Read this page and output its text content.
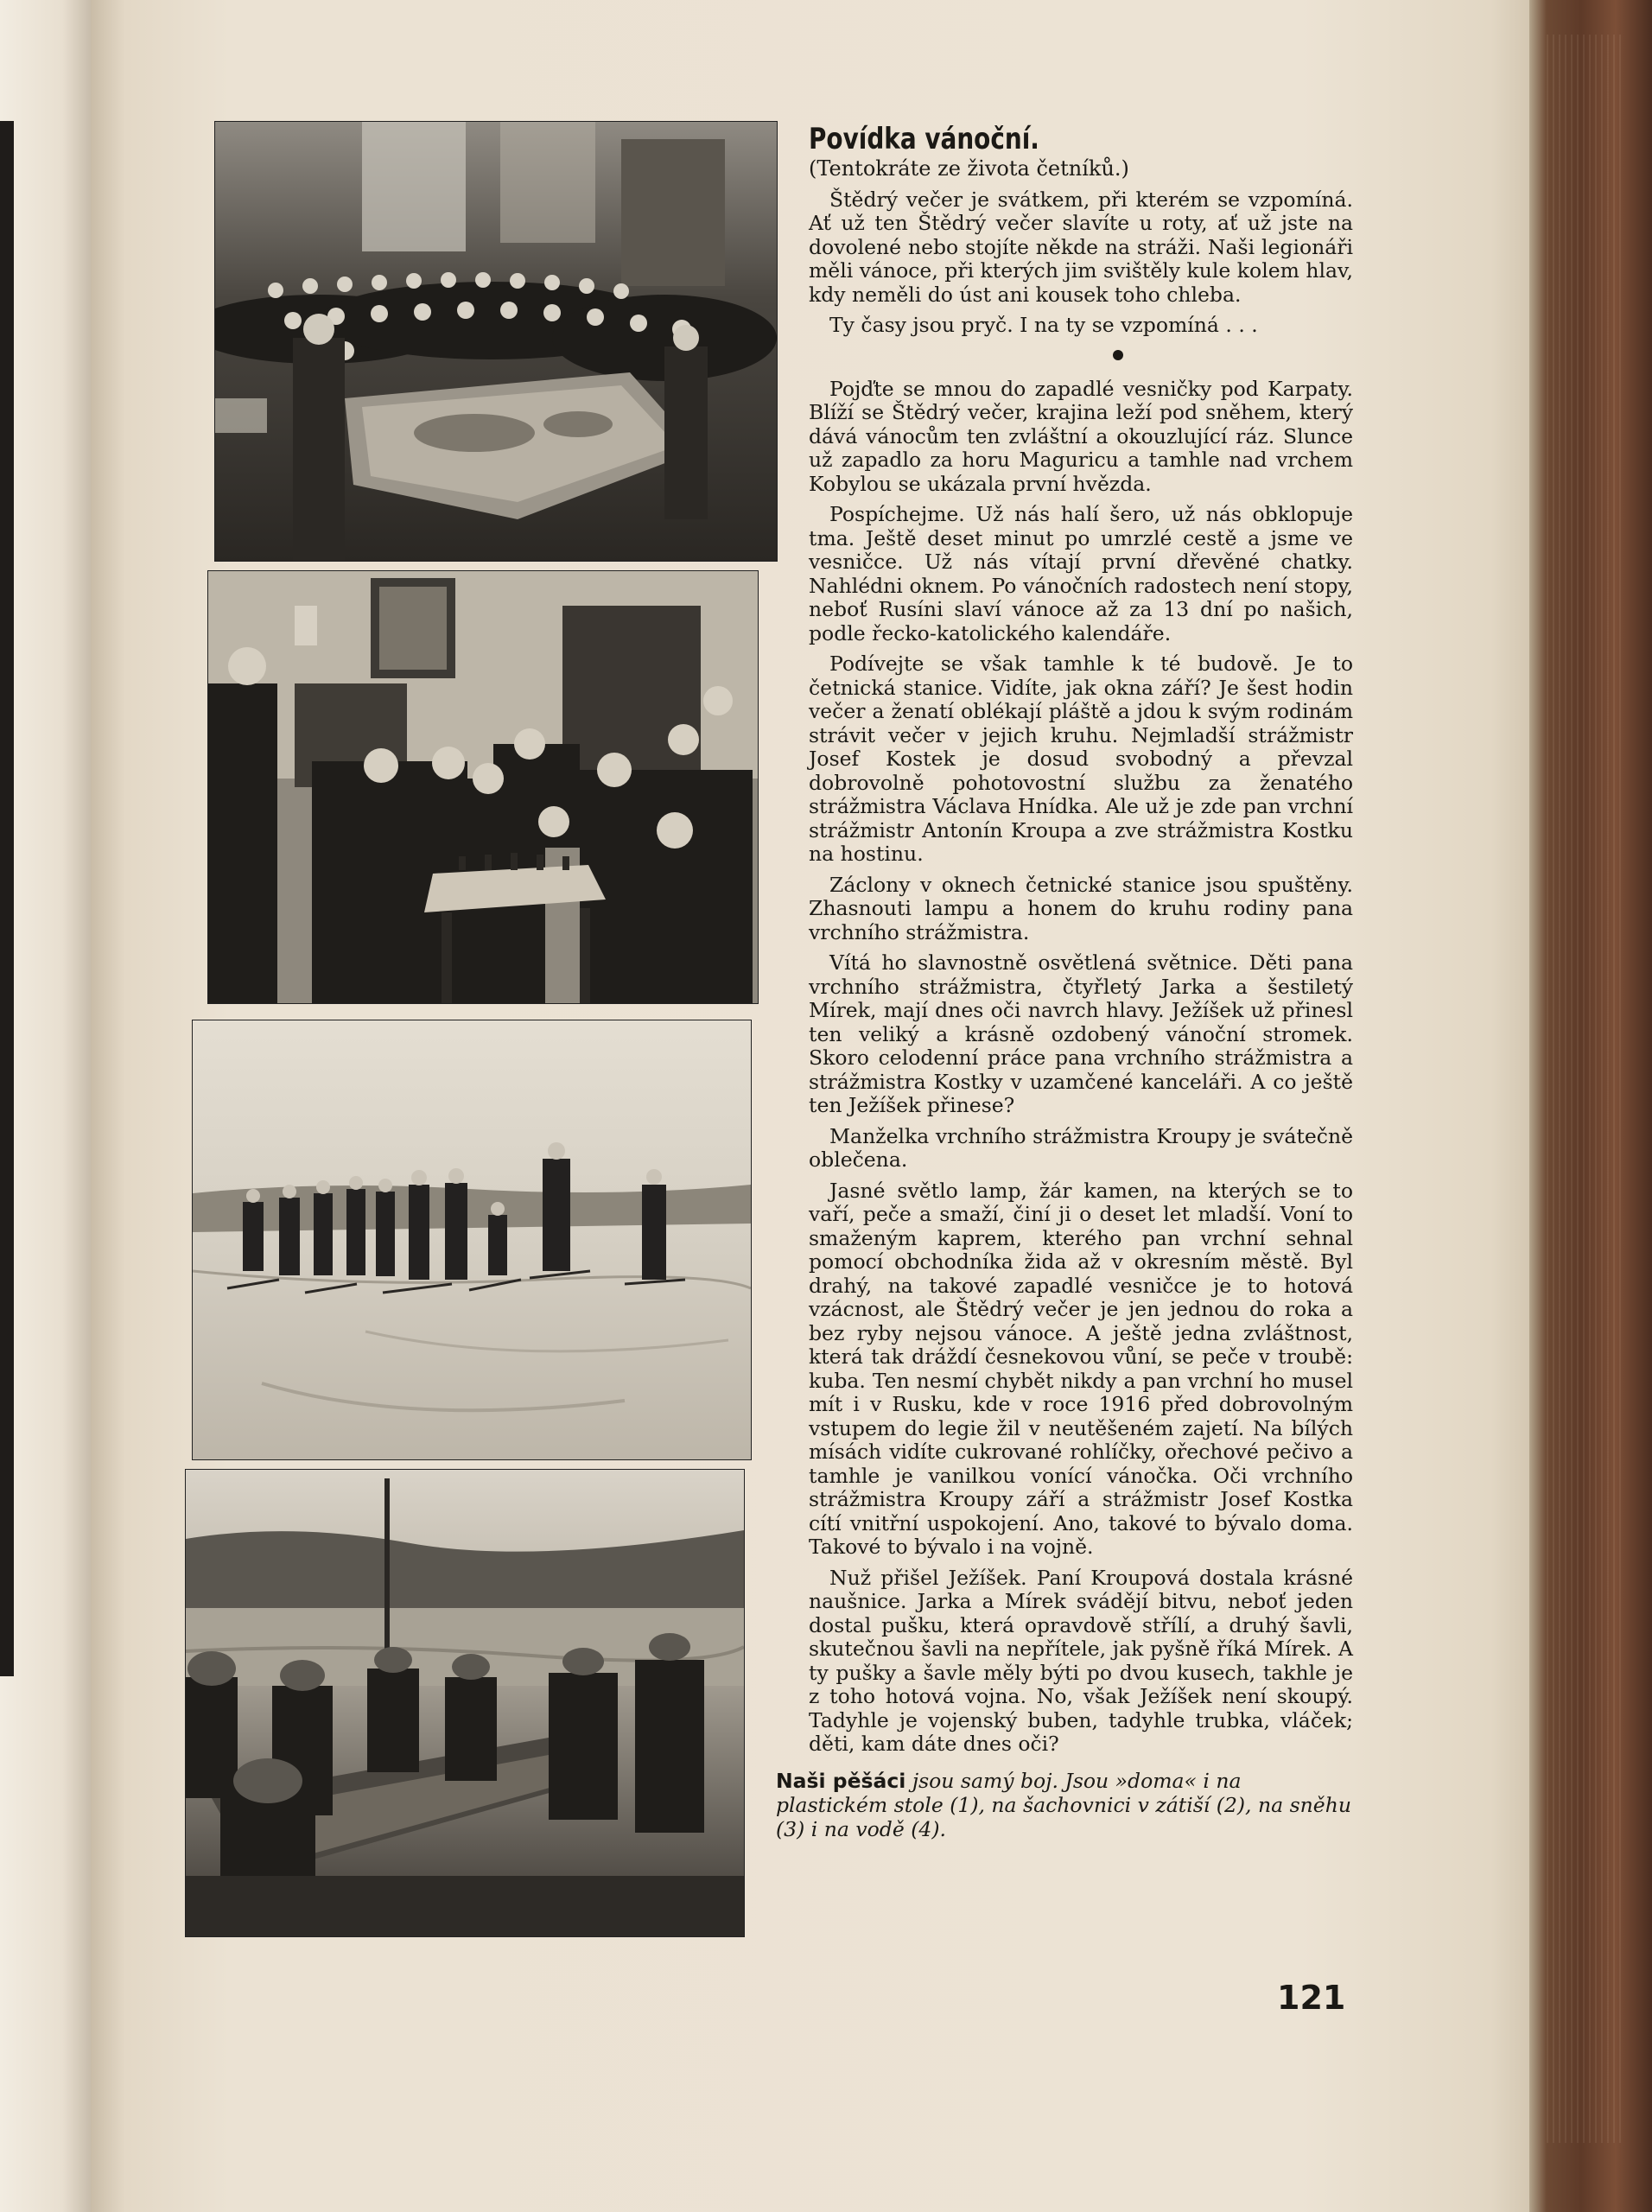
Povídka vánoční.
(Tentokráte ze života četníků.)

Štědrý večer je svátkem, při kterém se vzpomíná. Ať už ten Štědrý večer slavíte u roty, ať už jste na dovolené nebo stojíte někde na stráži. Naši legionáři měli vánoce, při kterých jim svištěly kule kolem hlav, kdy neměli do úst ani kousek toho chleba.

Ty časy jsou pryč. I na ty se vzpomíná . . .

Pojďte se mnou do zapadlé vesničky pod Karpaty. Blíží se Štědrý večer, krajina leží pod sněhem, který dává vánocům ten zvláštní a okouzlující ráz. Slunce už zapadlo za horu Maguricu a tamhle nad vrchem Kobylou se ukázala první hvězda.

Pospíchejme. Už nás halí šero, už nás obklopuje tma. Ještě deset minut po umrzlé cestě a jsme ve vesničce. Už nás vítají první dřevěné chatky. Nahlédni oknem. Po vánočních radostech není stopy, neboť Rusíni slaví vánoce až za 13 dní po našich, podle řecko-katolického kalendáře.

Podívejte se však tamhle k té budově. Je to četnická stanice. Vidíte, jak okna září? Je šest hodin večer a ženatí oblékají pláště a jdou k svým rodinám strávit večer v jejich kruhu. Nejmladší strážmistr Josef Kostek je dosud svobodný a převzal dobrovolně pohotovostní službu za ženatého strážmistra Václava Hnídka. Ale už je zde pan vrchní strážmistr Antonín Kroupa a zve strážmistra Kostku na hostinu.

Záclony v oknech četnické stanice jsou spuštěny. Zhasnouti lampu a honem do kruhu rodiny pana vrchního strážmistra.

Vítá ho slavnostně osvětlená světnice. Děti pana vrchního strážmistra, čtyřletý Jarka a šestiletý Mírek, mají dnes oči navrch hlavy. Ježíšek už přinesl ten veliký a krásně ozdobený vánoční stromek. Skoro celodenní práce pana vrchního strážmistra a strážmistra Kostky v uzamčené kanceláři. A co ještě ten Ježíšek přinese?

Manželka vrchního strážmistra Kroupy je svátečně oblečena.

Jasné světlo lamp, žár kamen, na kterých se to vaří, peče a smaží, činí ji o deset let mladší. Voní to smaženým kaprem, kterého pan vrchní sehnal pomocí obchodníka žida až v okresním městě. Byl drahý, na takové zapadlé vesničce je to hotová vzácnost, ale Štědrý večer je jen jednou do roka a bez ryby nejsou vánoce. A ještě jedna zvláštnost, která tak dráždí česnekovou vůní, se peče v troubě: kuba. Ten nesmí chybět nikdy a pan vrchní ho musel mít i v Rusku, kde v roce 1916 před dobrovolným vstupem do legie žil v neutěšeném zajetí. Na bílých mísách vidíte cukrované rohlíčky, ořechové pečivo a tamhle je vanilkou vonící vánočka. Oči vrchního strážmistra Kroupy září a strážmistr Josef Kostka cítí vnitřní uspokojení. Ano, takové to bývalo doma. Takové to bývalo i na vojně.

Nuž přišel Ježíšek. Paní Kroupová dostala krásné naušnice. Jarka a Mírek svádějí bitvu, neboť jeden dostal pušku, která opravdově střílí, a druhý šavli, skutečnou šavli na nepřítele, jak pyšně říká Mírek. A ty pušky a šavle měly býti po dvou kusech, takhle je z toho hotová vojna. No, však Ježíšek není skoupý. Tadyhle je vojenský buben, tadyhle trubka, vláček; děti, kam dáte dnes oči?

Naši pěšáci jsou samý boj. Jsou »doma« i na plastickém stole (1), na šachovnici v zátiší (2), na sněhu (3) i na vodě (4).
121
